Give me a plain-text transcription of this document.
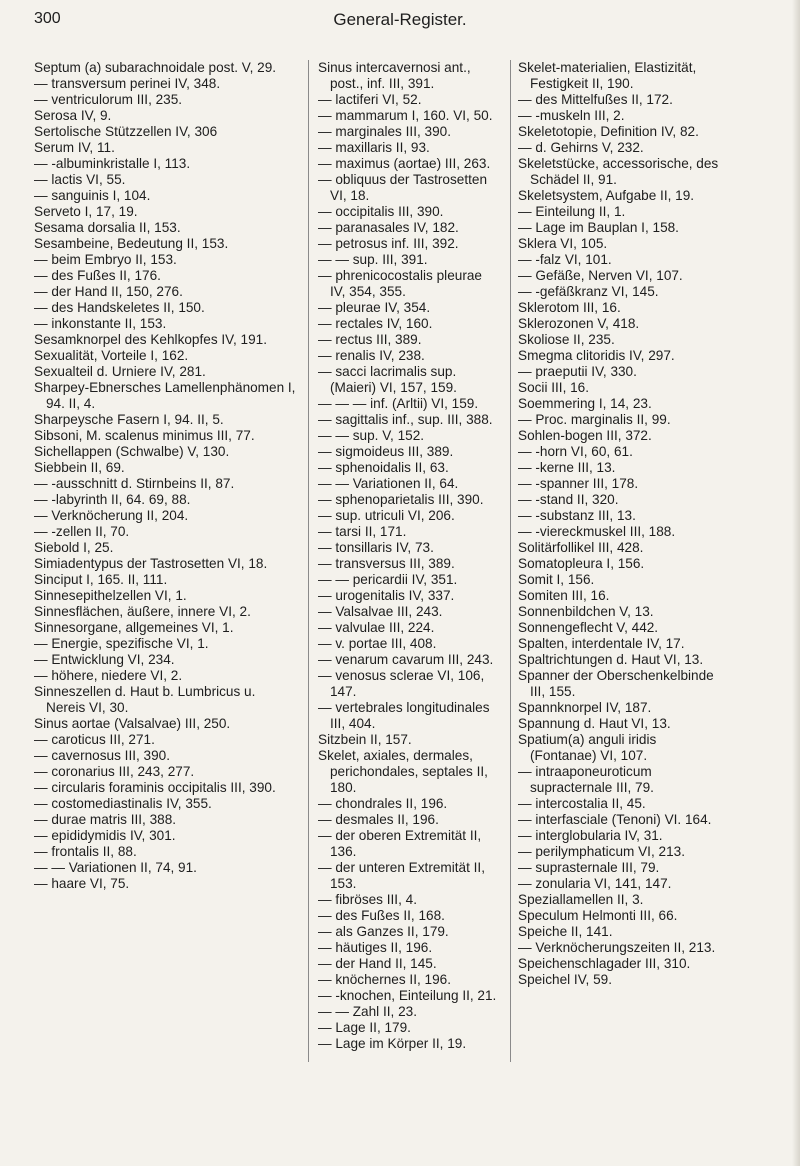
300	General-Register.

Septum (a) subarachnoidale post. V, 29.

— transversum perinei IV, 348.

— ventriculorum III, 235.

Serosa IV, 9.

Sertolische Stützzellen IV, 306

Serum IV, 11.

— -albuminkristalle I, 113.

— lactis VI, 55.

— sanguinis I, 104.

Serveto I, 17, 19.

Sesama dorsalia II, 153.

Sesambeine, Bedeutung II, 153.

— beim Embryo II, 153.

— des Fußes II, 176.

— der Hand II, 150, 276.

— des Handskeletes II, 150.

— inkonstante II, 153.

Sesamknorpel des Kehlkopfes IV, 191.

Sexualität, Vorteile I, 162.

Sexualteil d. Urniere IV, 281.

Sharpey-Ebnersches Lamellenphänomen I, 94. II, 4.

Sharpeysche Fasern I, 94. II, 5.

Sibsoni, M. scalenus minimus III, 77.

Sichellappen (Schwalbe) V, 130.

Siebbein II, 69.

— -ausschnitt d. Stirnbeins II, 87.

— -labyrinth II, 64. 69, 88.

— Verknöcherung II, 204.

— -zellen II, 70.

Siebold I, 25.

Simiadentypus der Tastrosetten VI, 18.

Sinciput I, 165. II, 111.

Sinnesepithelzellen VI, 1.

Sinnesflächen, äußere, innere VI, 2.

Sinnesorgane, allgemeines VI, 1.

— Energie, spezifische VI, 1.

— Entwicklung VI, 234.

— höhere, niedere VI, 2.

Sinneszellen d. Haut b. Lumbricus u. Nereis VI, 30.

Sinus aortae (Valsalvae) III, 250.

— caroticus III, 271.

— cavernosus III, 390.

— coronarius III, 243, 277.

— circularis foraminis occipitalis III, 390.

— costomediastinalis IV, 355.

— durae matris III, 388.

— epididymidis IV, 301.

— frontalis II, 88.

— — Variationen II, 74, 91.

— haare VI, 75.

Sinus intercavernosi ant., post., inf. III, 391.

— lactiferi VI, 52.

— mammarum I, 160. VI, 50.

— marginales III, 390.

— maxillaris II, 93.

— maximus (aortae) III, 263.

— obliquus der Tastrosetten VI, 18.

— occipitalis III, 390.

— paranasales IV, 182.

— petrosus inf. III, 392.

— — sup. III, 391.

— phrenicocostalis pleurae IV, 354, 355.

— pleurae IV, 354.

— rectales IV, 160.

— rectus III, 389.

— renalis IV, 238.

— sacci lacrimalis sup. (Maieri) VI, 157, 159.

— — — inf. (Arltii) VI, 159.

— sagittalis inf., sup. III, 388.

— — sup. V, 152.

— sigmoideus III, 389.

— sphenoidalis II, 63.

— — Variationen II, 64.

— sphenoparietalis III, 390.

— sup. utriculi VI, 206.

— tarsi II, 171.

— tonsillaris IV, 73.

— transversus III, 389.

— — pericardii IV, 351.

— urogenitalis IV, 337.

— Valsalvae III, 243.

— valvulae III, 224.

— v. portae III, 408.

— venarum cavarum III, 243.

— venosus sclerae VI, 106, 147.

— vertebrales longitudinales III, 404.

Sitzbein II, 157.

Skelet, axiales, dermales, perichondales, septales II, 180.

— chondrales II, 196.

— desmales II, 196.

— der oberen Extremität II, 136.

— der unteren Extremität II, 153.

— fibröses III, 4.

— des Fußes II, 168.

— als Ganzes II, 179.

— häutiges II, 196.

— der Hand II, 145.

— knöchernes II, 196.

— -knochen, Einteilung II, 21.

— — Zahl II, 23.

— Lage II, 179.

— Lage im Körper II, 19.

Skelet-materialien, Elastizität, Festigkeit II, 190.

— des Mittelfußes II, 172.

— -muskeln III, 2.

Skeletotopie, Definition IV, 82.

— d. Gehirns V, 232.

Skeletstücke, accessorische, des Schädel II, 91.

Skeletsystem, Aufgabe II, 19.

— Einteilung II, 1.

— Lage im Bauplan I, 158.

Sklera VI, 105.

— -falz VI, 101.

— Gefäße, Nerven VI, 107.

— -gefäßkranz VI, 145.

Sklerotom III, 16.

Sklerozonen V, 418.

Skoliose II, 235.

Smegma clitoridis IV, 297.

— praeputii IV, 330.

Socii III, 16.

Soemmering I, 14, 23.

— Proc. marginalis II, 99.

Sohlen-bogen III, 372.

— -horn VI, 60, 61.

— -kerne III, 13.

— -spanner III, 178.

— -stand II, 320.

— -substanz III, 13.

— -viereckmuskel III, 188.

Solitärfollikel III, 428.

Somatopleura I, 156.

Somit I, 156.

Somiten III, 16.

Sonnenbildchen V, 13.

Sonnengeflecht V, 442.

Spalten, interdentale IV, 17.

Spaltrichtungen d. Haut VI, 13.

Spanner der Oberschenkelbinde III, 155.

Spannknorpel IV, 187.

Spannung d. Haut VI, 13.

Spatium(a) anguli iridis (Fontanae) VI, 107.

— intraaponeuroticum supracternale III, 79.

— intercostalia II, 45.

— interfasciale (Tenoni) VI. 164.

— interglobularia IV, 31.

— perilymphaticum VI, 213.

— suprasternale III, 79.

— zonularia VI, 141, 147.

Speziallamellen II, 3.

Speculum Helmonti III, 66.

Speiche II, 141.

— Verknöcherungszeiten II, 213.

Speichenschlagader III, 310.

Speichel IV, 59.
